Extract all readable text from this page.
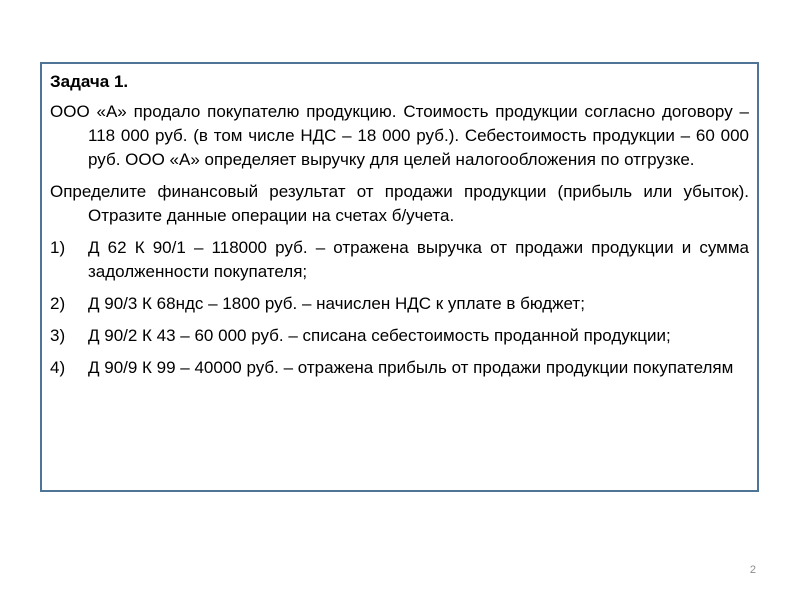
Задача 1.

ООО «А» продало покупателю продукцию. Стоимость продукции согласно договору – 118 000 руб. (в том числе НДС – 18 000 руб.). Себестоимость продукции – 60 000 руб. ООО «А» определяет выручку для целей налогообложения по отгрузке.

Определите финансовый результат от продажи продукции (прибыль или убыток). Отразите данные операции на счетах б/учета.

1) Д 62 К 90/1 – 118000 руб. – отражена выручка от продажи продукции и сумма задолженности покупателя;
2) Д 90/3 К 68ндс – 1800 руб. – начислен НДС к уплате в бюджет;
3) Д 90/2 К 43 – 60 000 руб. – списана себестоимость проданной продукции;
4) Д 90/9 К 99 – 40000 руб. – отражена прибыль от продажи продукции покупателям
2
